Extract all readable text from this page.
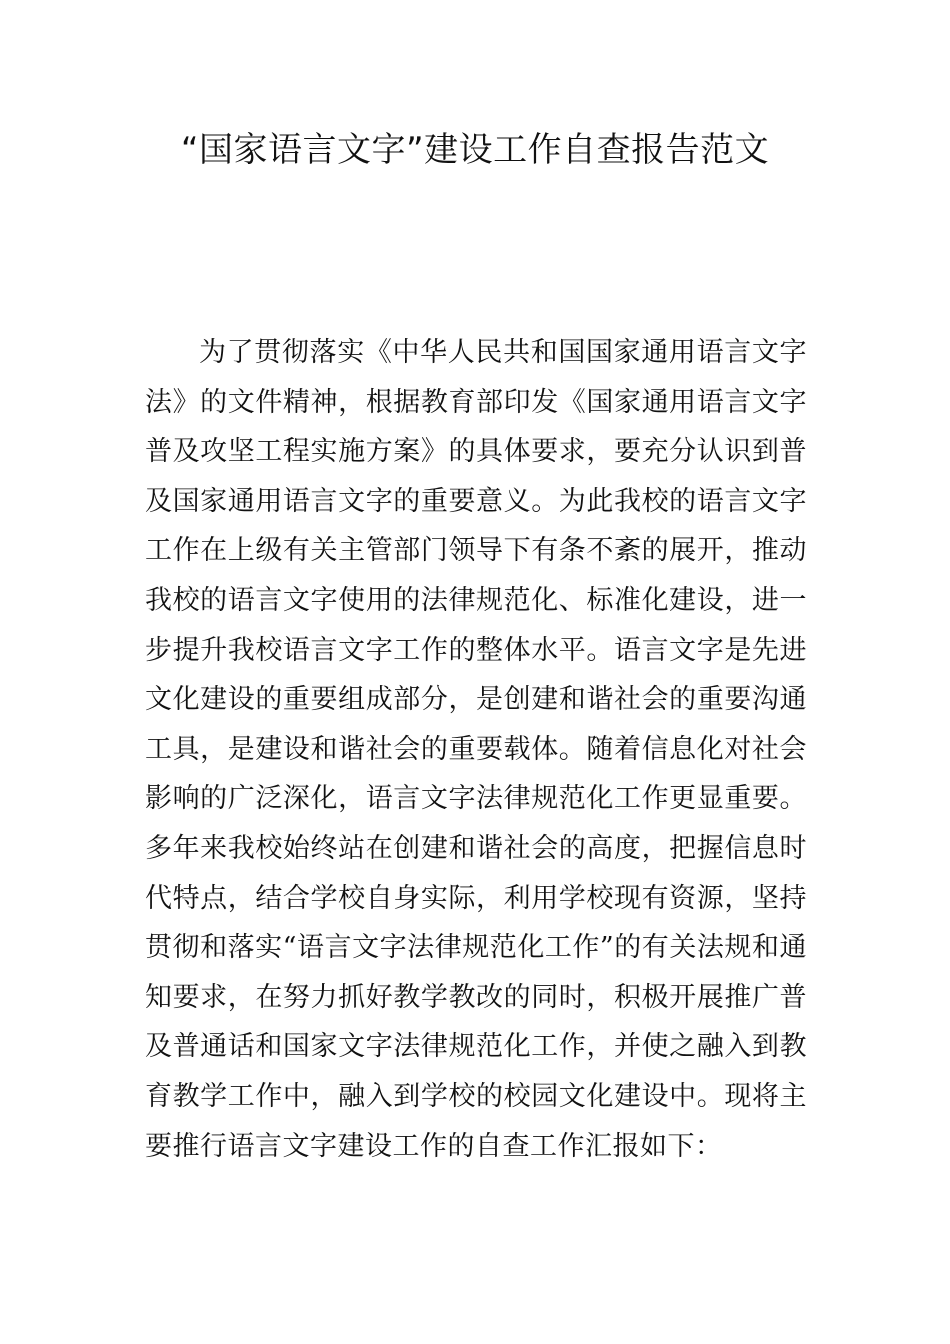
“国家语言文字”建设工作自查报告范文

为了贯彻落实《中华人民共和国国家通用语言文字法》的文件精神，根据教育部印发《国家通用语言文字普及攻坚工程实施方案》的具体要求，要充分认识到普及国家通用语言文字的重要意义。为此我校的语言文字工作在上级有关主管部门领导下有条不紊的展开，推动我校的语言文字使用的法律规范化、标准化建设，进一步提升我校语言文字工作的整体水平。语言文字是先进文化建设的重要组成部分，是创建和谐社会的重要沟通工具，是建设和谐社会的重要载体。随着信息化对社会影响的广泛深化，语言文字法律规范化工作更显重要。多年来我校始终站在创建和谐社会的高度，把握信息时代特点，结合学校自身实际，利用学校现有资源，坚持贯彻和落实“语言文字法律规范化工作”的有关法规和通知要求，在努力抓好教学教改的同时，积极开展推广普及普通话和国家文字法律规范化工作，并使之融入到教育教学工作中，融入到学校的校园文化建设中。现将主要推行语言文字建设工作的自查工作汇报如下：
